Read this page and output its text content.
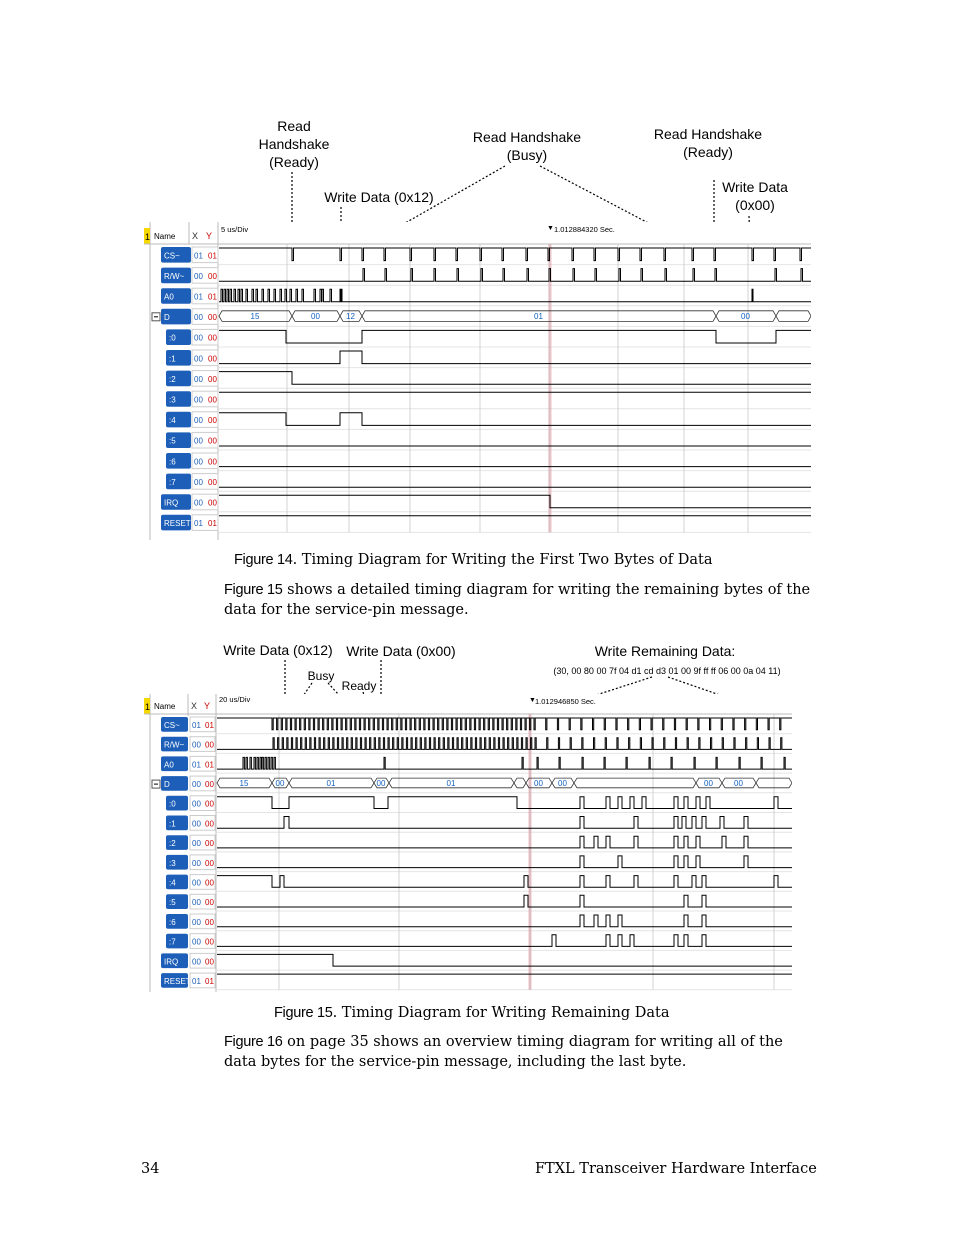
Read
Handshake
(Ready)
Write Data (0x12)
Read Handshake
(Busy)
Read Handshake
(Ready)
Write Data
(0x00)
1 Name X Y
5 us/Div	▼ 1.012884320 Sec.
CS~ 01 01
R/W~ 00 00
A0	01 01
D	00 00
:0 00 00
:1 00 00
:2 00 00
:3 00 00
:4 00 00
:5 00 00
:6 00 00
:7 00 00
IRQ 00 00
RESET 01 01
15	00	12	01	00
Figure 14. Timing Diagram for Writing the First Two Bytes of Data
Figure 15 shows a detailed timing diagram for writing the remaining bytes of the data for the service-pin message.
Write Data (0x12) Write Data (0x00)
Busy
Ready
Write Remaining Data:
(30, 00 80 00 7f 04 d1 cd d3 01 00 9f ff ff 06 00 0a 04 11)
1 Name X Y
20 us/Div	▼ 1.012946850 Sec.
CS~ 01 01
R/W~ 00 00
A0 01 01
D	00 00
:0 00 00
:1 00 00
:2 00 00
:3 00 00
:4 00 00
:5 00 00
:6 00 00
:7 00 00
IRQ 00 00
RESET 01 01
15	00	01	00	01	00 00	00	00
Figure 15. Timing Diagram for Writing Remaining Data
Figure 16 on page 35 shows an overview timing diagram for writing all of the data bytes for the service-pin message, including the last byte.
34	FTXL Transceiver Hardware Interface
